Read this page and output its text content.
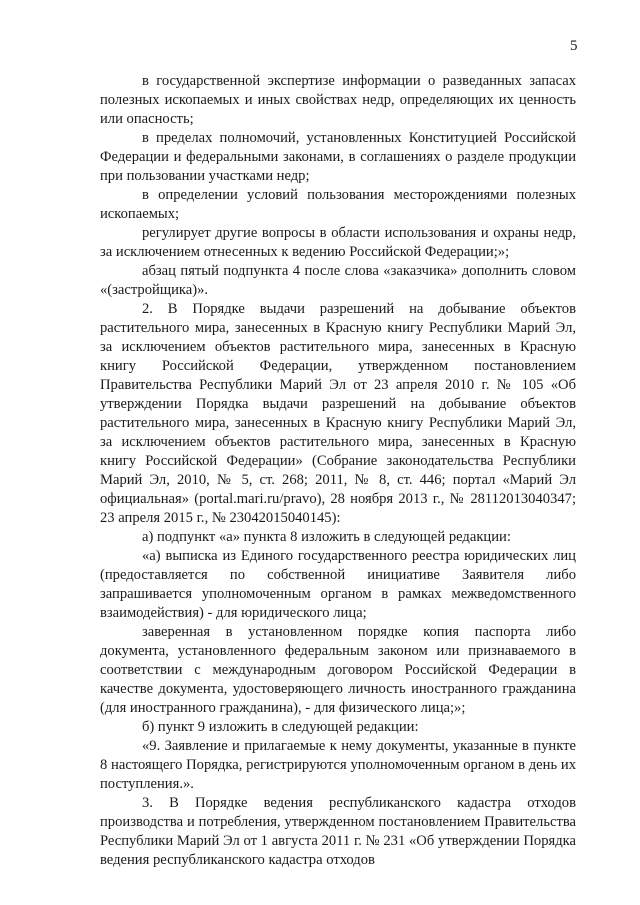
5

в государственной экспертизе информации о разведанных запасах полезных ископаемых и иных свойствах недр, определяющих их ценность или опасность;

в пределах полномочий, установленных Конституцией Российской Федерации и федеральными законами, в соглашениях о разделе продукции при пользовании участками недр;

в определении условий пользования месторождениями полезных ископаемых;

регулирует другие вопросы в области использования и охраны недр, за исключением отнесенных к ведению Российской Федерации;»;

абзац пятый подпункта 4 после слова «заказчика» дополнить словом «(застройщика)».

2. В Порядке выдачи разрешений на добывание объектов растительного мира, занесенных в Красную книгу Республики Марий Эл, за исключением объектов растительного мира, занесенных в Красную книгу Российской Федерации, утвержденном постановлением Правительства Республики Марий Эл от 23 апреля 2010 г. № 105 «Об утверждении Порядка выдачи разрешений на добывание объектов растительного мира, занесенных в Красную книгу Республики Марий Эл, за исключением объектов растительного мира, занесенных в Красную книгу Российской Федерации» (Собрание законодательства Республики Марий Эл, 2010, № 5, ст. 268; 2011, № 8, ст. 446; портал «Марий Эл официальная» (portal.mari.ru/pravo), 28 ноября 2013 г., № 28112013040347; 23 апреля 2015 г., № 23042015040145):

а) подпункт «а» пункта 8 изложить в следующей редакции:

«а) выписка из Единого государственного реестра юридических лиц (предоставляется по собственной инициативе Заявителя либо запрашивается уполномоченным органом в рамках межведомственного взаимодействия) - для юридического лица;

заверенная в установленном порядке копия паспорта либо документа, установленного федеральным законом или признаваемого в соответствии с международным договором Российской Федерации в качестве документа, удостоверяющего личность иностранного гражданина (для иностранного гражданина), - для физического лица;»;

б) пункт 9 изложить в следующей редакции:

«9. Заявление и прилагаемые к нему документы, указанные в пункте 8 настоящего Порядка, регистрируются уполномоченным органом в день их поступления.».

3. В Порядке ведения республиканского кадастра отходов производства и потребления, утвержденном постановлением Правительства Республики Марий Эл от 1 августа 2011 г. № 231 «Об утверждении Порядка ведения республиканского кадастра отходов
